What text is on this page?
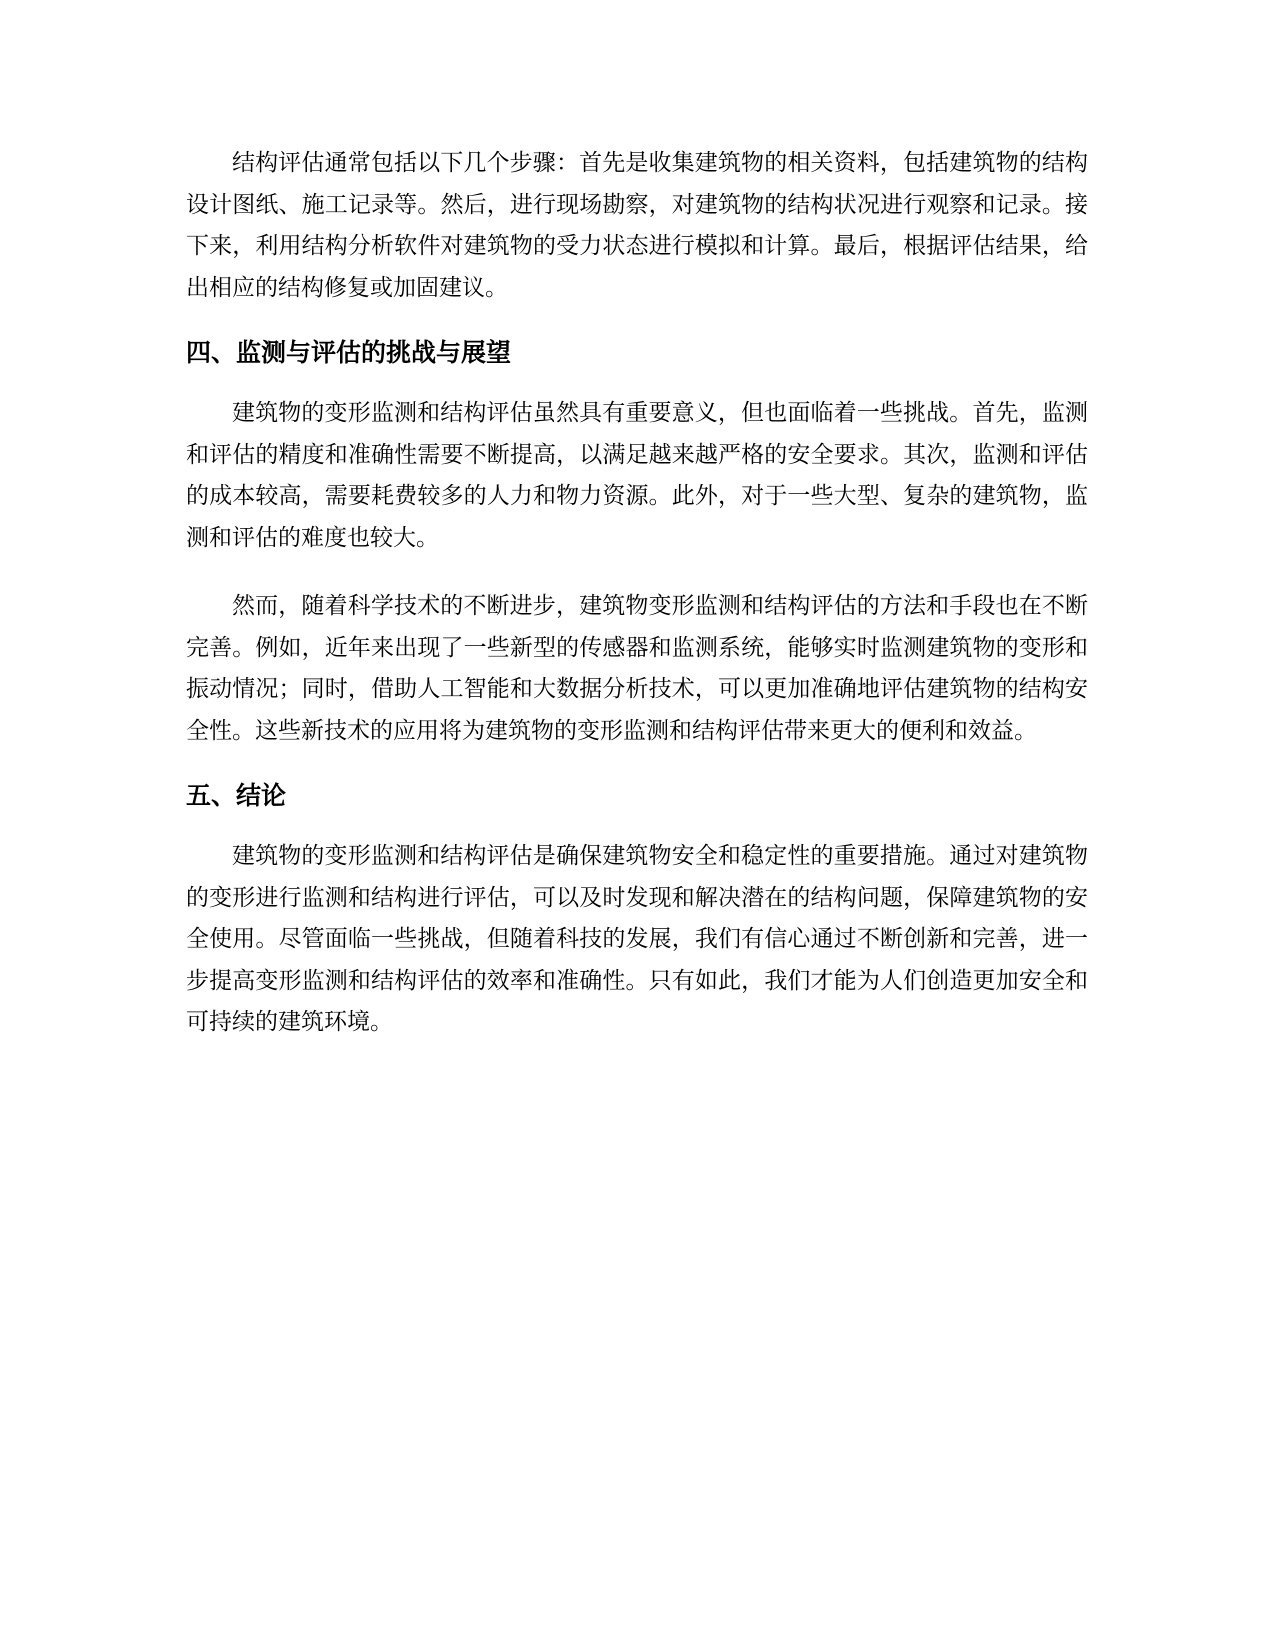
结构评估通常包括以下几个步骤：首先是收集建筑物的相关资料，包括建筑物的结构设计图纸、施工记录等。然后，进行现场勘察，对建筑物的结构状况进行观察和记录。接下来，利用结构分析软件对建筑物的受力状态进行模拟和计算。最后，根据评估结果，给出相应的结构修复或加固建议。

四、监测与评估的挑战与展望

建筑物的变形监测和结构评估虽然具有重要意义，但也面临着一些挑战。首先，监测和评估的精度和准确性需要不断提高，以满足越来越严格的安全要求。其次，监测和评估的成本较高，需要耗费较多的人力和物力资源。此外，对于一些大型、复杂的建筑物，监测和评估的难度也较大。

然而，随着科学技术的不断进步，建筑物变形监测和结构评估的方法和手段也在不断完善。例如，近年来出现了一些新型的传感器和监测系统，能够实时监测建筑物的变形和振动情况；同时，借助人工智能和大数据分析技术，可以更加准确地评估建筑物的结构安全性。这些新技术的应用将为建筑物的变形监测和结构评估带来更大的便利和效益。

五、结论

建筑物的变形监测和结构评估是确保建筑物安全和稳定性的重要措施。通过对建筑物的变形进行监测和结构进行评估，可以及时发现和解决潜在的结构问题，保障建筑物的安全使用。尽管面临一些挑战，但随着科技的发展，我们有信心通过不断创新和完善，进一步提高变形监测和结构评估的效率和准确性。只有如此，我们才能为人们创造更加安全和可持续的建筑环境。
